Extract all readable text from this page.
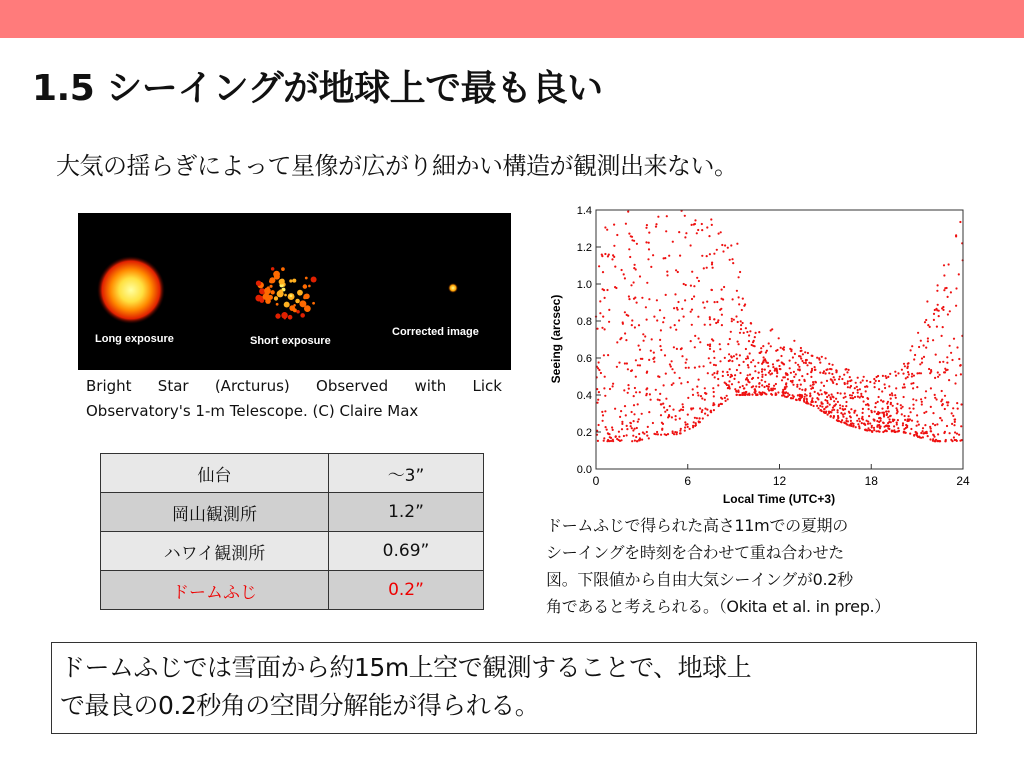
1.5 シーイングが地球上で最も良い
大気の揺らぎによって星像が広がり細かい構造が観測出来ない。
Long exposure	Short exposure
Corrected image
Bright Star (Arcturus) Observed with Lick
Observatory's 1-m Telescope. (C) Claire Max
仙台	〜3”
岡山観測所	1.2”
ハワイ観測所	0.69”
ドームふじ	0.2”
0.0
0.2
0.4
0.6
0.8
1.0
1.2
1.4
0	6	12	18	24
Local Time (UTC+3)
Seeing (arcsec)
ドームふじで得られた高さ11mでの夏期の
シーイングを時刻を合わせて重ね合わせた
図。下限値から自由大気シーイングが0.2秒
角であると考えられる。（Okita et al. in prep.）
ドームふじでは雪面から約15m上空で観測することで、地球上
で最良の0.2秒角の空間分解能が得られる。
